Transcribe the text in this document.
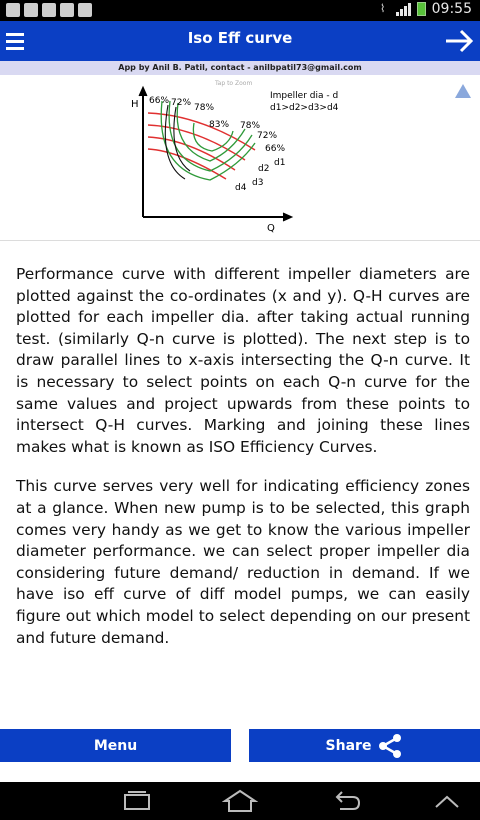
⌇	09:55
Iso Eff curve
App by Anil B. Patil, contact - anilbpatil73@gmail.com
Tap to Zoom
H
Q
66% 72% 78%
83% 78%
72%
66%
d1
d2
d3
d4
Impeller dia - d
d1>d2>d3>d4

Performance curve with different impeller diameters are plotted against the co-ordinates (x and y). Q-H curves are plotted for each impeller dia. after taking actual running test. (similarly Q-n curve is plotted). The next step is to draw parallel lines to x-axis intersecting the Q-n curve. It is necessary to select points on each Q-n curve for the same values and project upwards from these points to intersect Q-H curves. Marking and joining these lines makes what is known as ISO Efficiency Curves.

This curve serves very well for indicating efficiency zones at a glance. When new pump is to be selected, this graph comes very handy as we get to know the various impeller diameter performance. we can select proper impeller dia considering future demand/ reduction in demand. If we have iso eff curve of diff model pumps, we can easily figure out which model to select depending on our present and future demand.

Menu	Share
